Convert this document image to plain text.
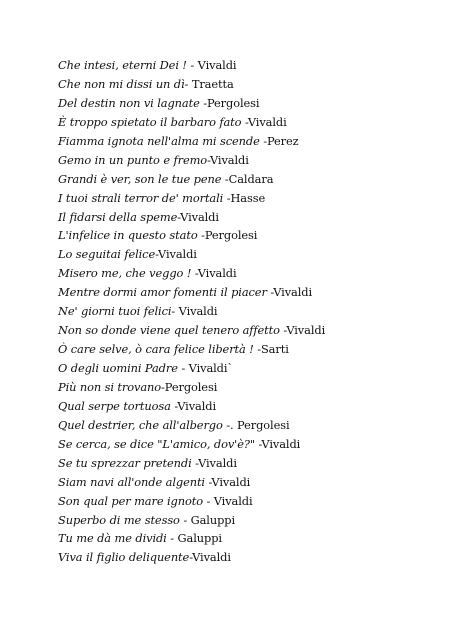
Che intesi, eterni Dei ! - Vivaldi
Che non mi dissi un dì- Traetta
Del destin non vi lagnate -Pergolesi
È troppo spietato il barbaro fato -Vivaldi
Fiamma ignota nell'alma mi scende -Perez
Gemo in un punto e fremo-Vivaldi
Grandi è ver, son le tue pene -Caldara
I tuoi strali terror de' mortali -Hasse
Il fidarsi della speme-Vivaldi
L'infelice in questo stato -Pergolesi
Lo seguitai felice-Vivaldi
Misero me, che veggo ! -Vivaldi
Mentre dormi amor fomenti il piacer -Vivaldi
Ne' giorni tuoi felici- Vivaldi
Non so donde viene quel tenero affetto -Vivaldi
Ò care selve, ò cara felice libertà ! -Sarti
O degli uomini Padre - Vivaldi`
Più non si trovano-Pergolesi
Qual serpe tortuosa -Vivaldi
Quel destrier, che all'albergo -. Pergolesi
Se cerca, se dice "L'amico, dov'è?" -Vivaldi
Se tu sprezzar pretendi -Vivaldi
Siam navi all'onde algenti -Vivaldi
Son qual per mare ignoto - Vivaldi
Superbo di me stesso - Galuppi
Tu me dà me dividi - Galuppi
Viva il figlio deliquente-Vivaldi
